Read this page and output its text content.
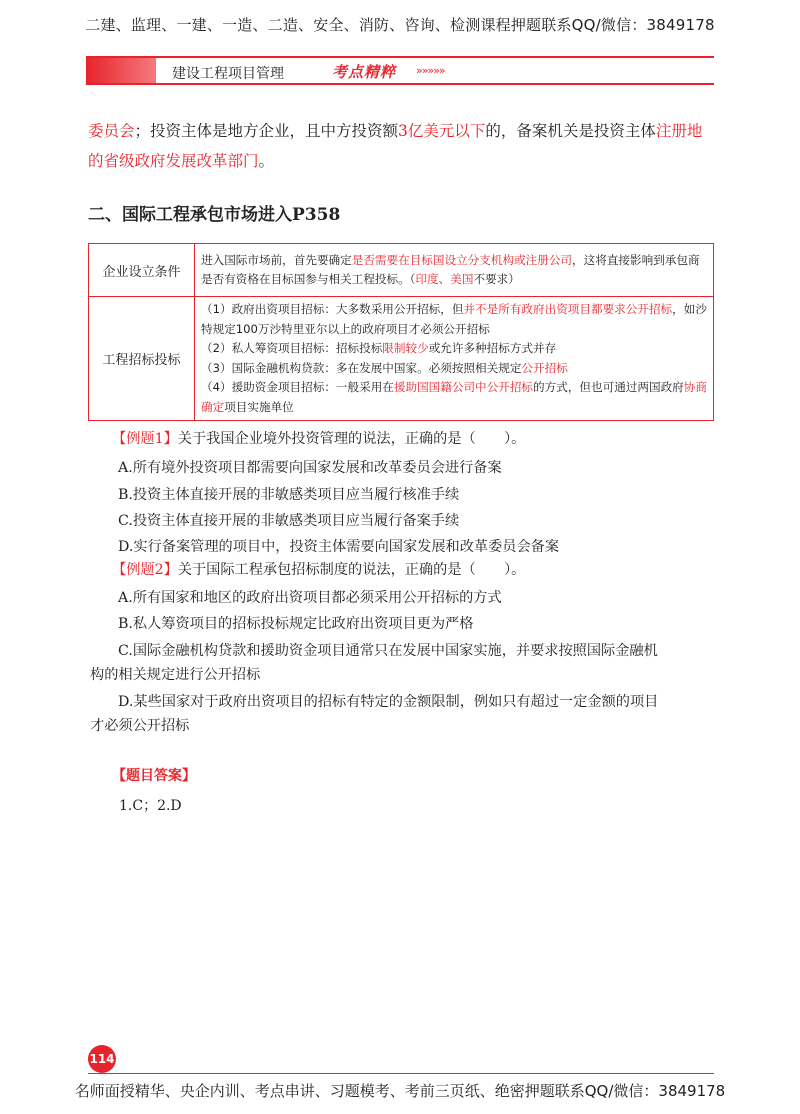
二建、监理、一建、一造、二造、安全、消防、咨询、检测课程押题联系QQ/微信：3849178
建设工程项目管理	考点精粹 »»»»»
委员会；投资主体是地方企业，且中方投资额3亿美元以下的，备案机关是投资主体注册地的省级政府发展改革部门。
二、国际工程承包市场进入P358
企业设立条件	进入国际市场前，首先要确定是否需要在目标国设立分支机构或注册公司，这将直接影响到承包商是否有资格在目标国参与相关工程投标。（印度、美国不要求）
工程招标投标	（1）政府出资项目招标：大多数采用公开招标，但并不是所有政府出资项目都要求公开招标，如沙特规定100万沙特里亚尔以上的政府项目才必须公开招标
（2）私人筹资项目招标：招标投标限制较少或允许多种招标方式并存
（3）国际金融机构贷款：多在发展中国家。必须按照相关规定公开招标
（4）援助资金项目招标：一般采用在援助国国籍公司中公开招标的方式，但也可通过两国政府协商确定项目实施单位
【例题1】关于我国企业境外投资管理的说法，正确的是（　　）。
A.所有境外投资项目都需要向国家发展和改革委员会进行备案
B.投资主体直接开展的非敏感类项目应当履行核准手续
C.投资主体直接开展的非敏感类项目应当履行备案手续
D.实行备案管理的项目中，投资主体需要向国家发展和改革委员会备案
【例题2】关于国际工程承包招标制度的说法，正确的是（　　）。
A.所有国家和地区的政府出资项目都必须采用公开招标的方式
B.私人筹资项目的招标投标规定比政府出资项目更为严格
C.国际金融机构贷款和援助资金项目通常只在发展中国家实施，并要求按照国际金融机
构的相关规定进行公开招标
D.某些国家对于政府出资项目的招标有特定的金额限制，例如只有超过一定金额的项目
才必须公开招标
【题目答案】
1.C；2.D
114
名师面授精华、央企内训、考点串讲、习题模考、考前三页纸、绝密押题联系QQ/微信：3849178
